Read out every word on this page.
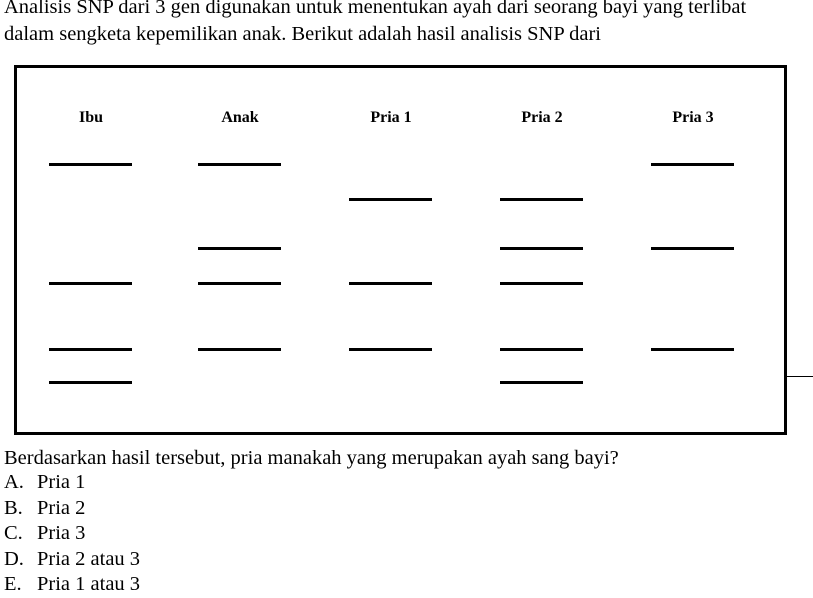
Analisis SNP dari 3 gen digunakan untuk menentukan ayah dari seorang bayi yang terlibat
dalam sengketa kepemilikan anak. Berikut adalah hasil analisis SNP dari
Ibu	Anak	Pria 1	Pria 2	Pria 3
Berdasarkan hasil tersebut, pria manakah yang merupakan ayah sang bayi?
A. Pria 1
B. Pria 2
C. Pria 3
D. Pria 2 atau 3
E. Pria 1 atau 3
